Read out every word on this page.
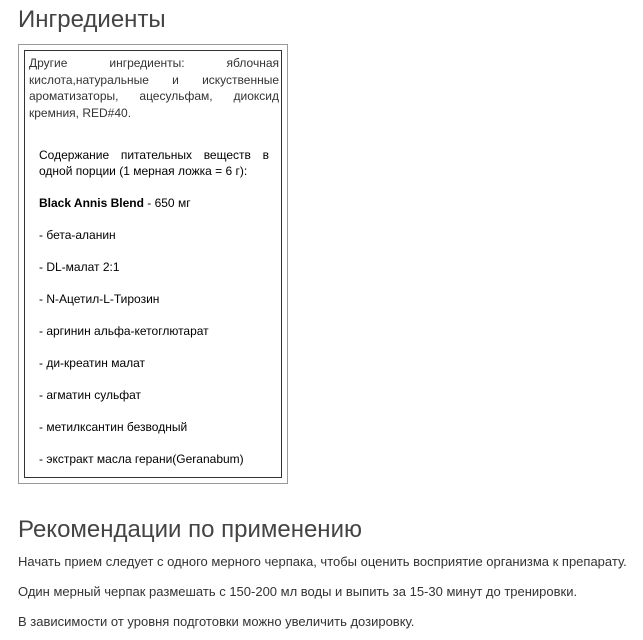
Ингредиенты

Другие ингредиенты: яблочная кислота,натуральные и искуственные ароматизаторы, ацесульфам, диоксид кремния, RED#40.

Содержание питательных веществ в одной порции (1 мерная ложка = 6 г):

Black Annis Blend - 650 мг

- бета-аланин
- DL-малат 2:1
- N-Ацетил-L-Тирозин
- аргинин альфа-кетоглютарат
- ди-креатин малат
- агматин сульфат
- метилксантин безводный
- экстракт масла герани(Geranabum)
Рекомендации по применению

Начать прием следует с одного мерного черпака, чтобы оценить восприятие организма к препарату.

Один мерный черпак размешать с 150-200 мл воды и выпить за 15-30 минут до тренировки.

В зависимости от уровня подготовки можно увеличить дозировку.
